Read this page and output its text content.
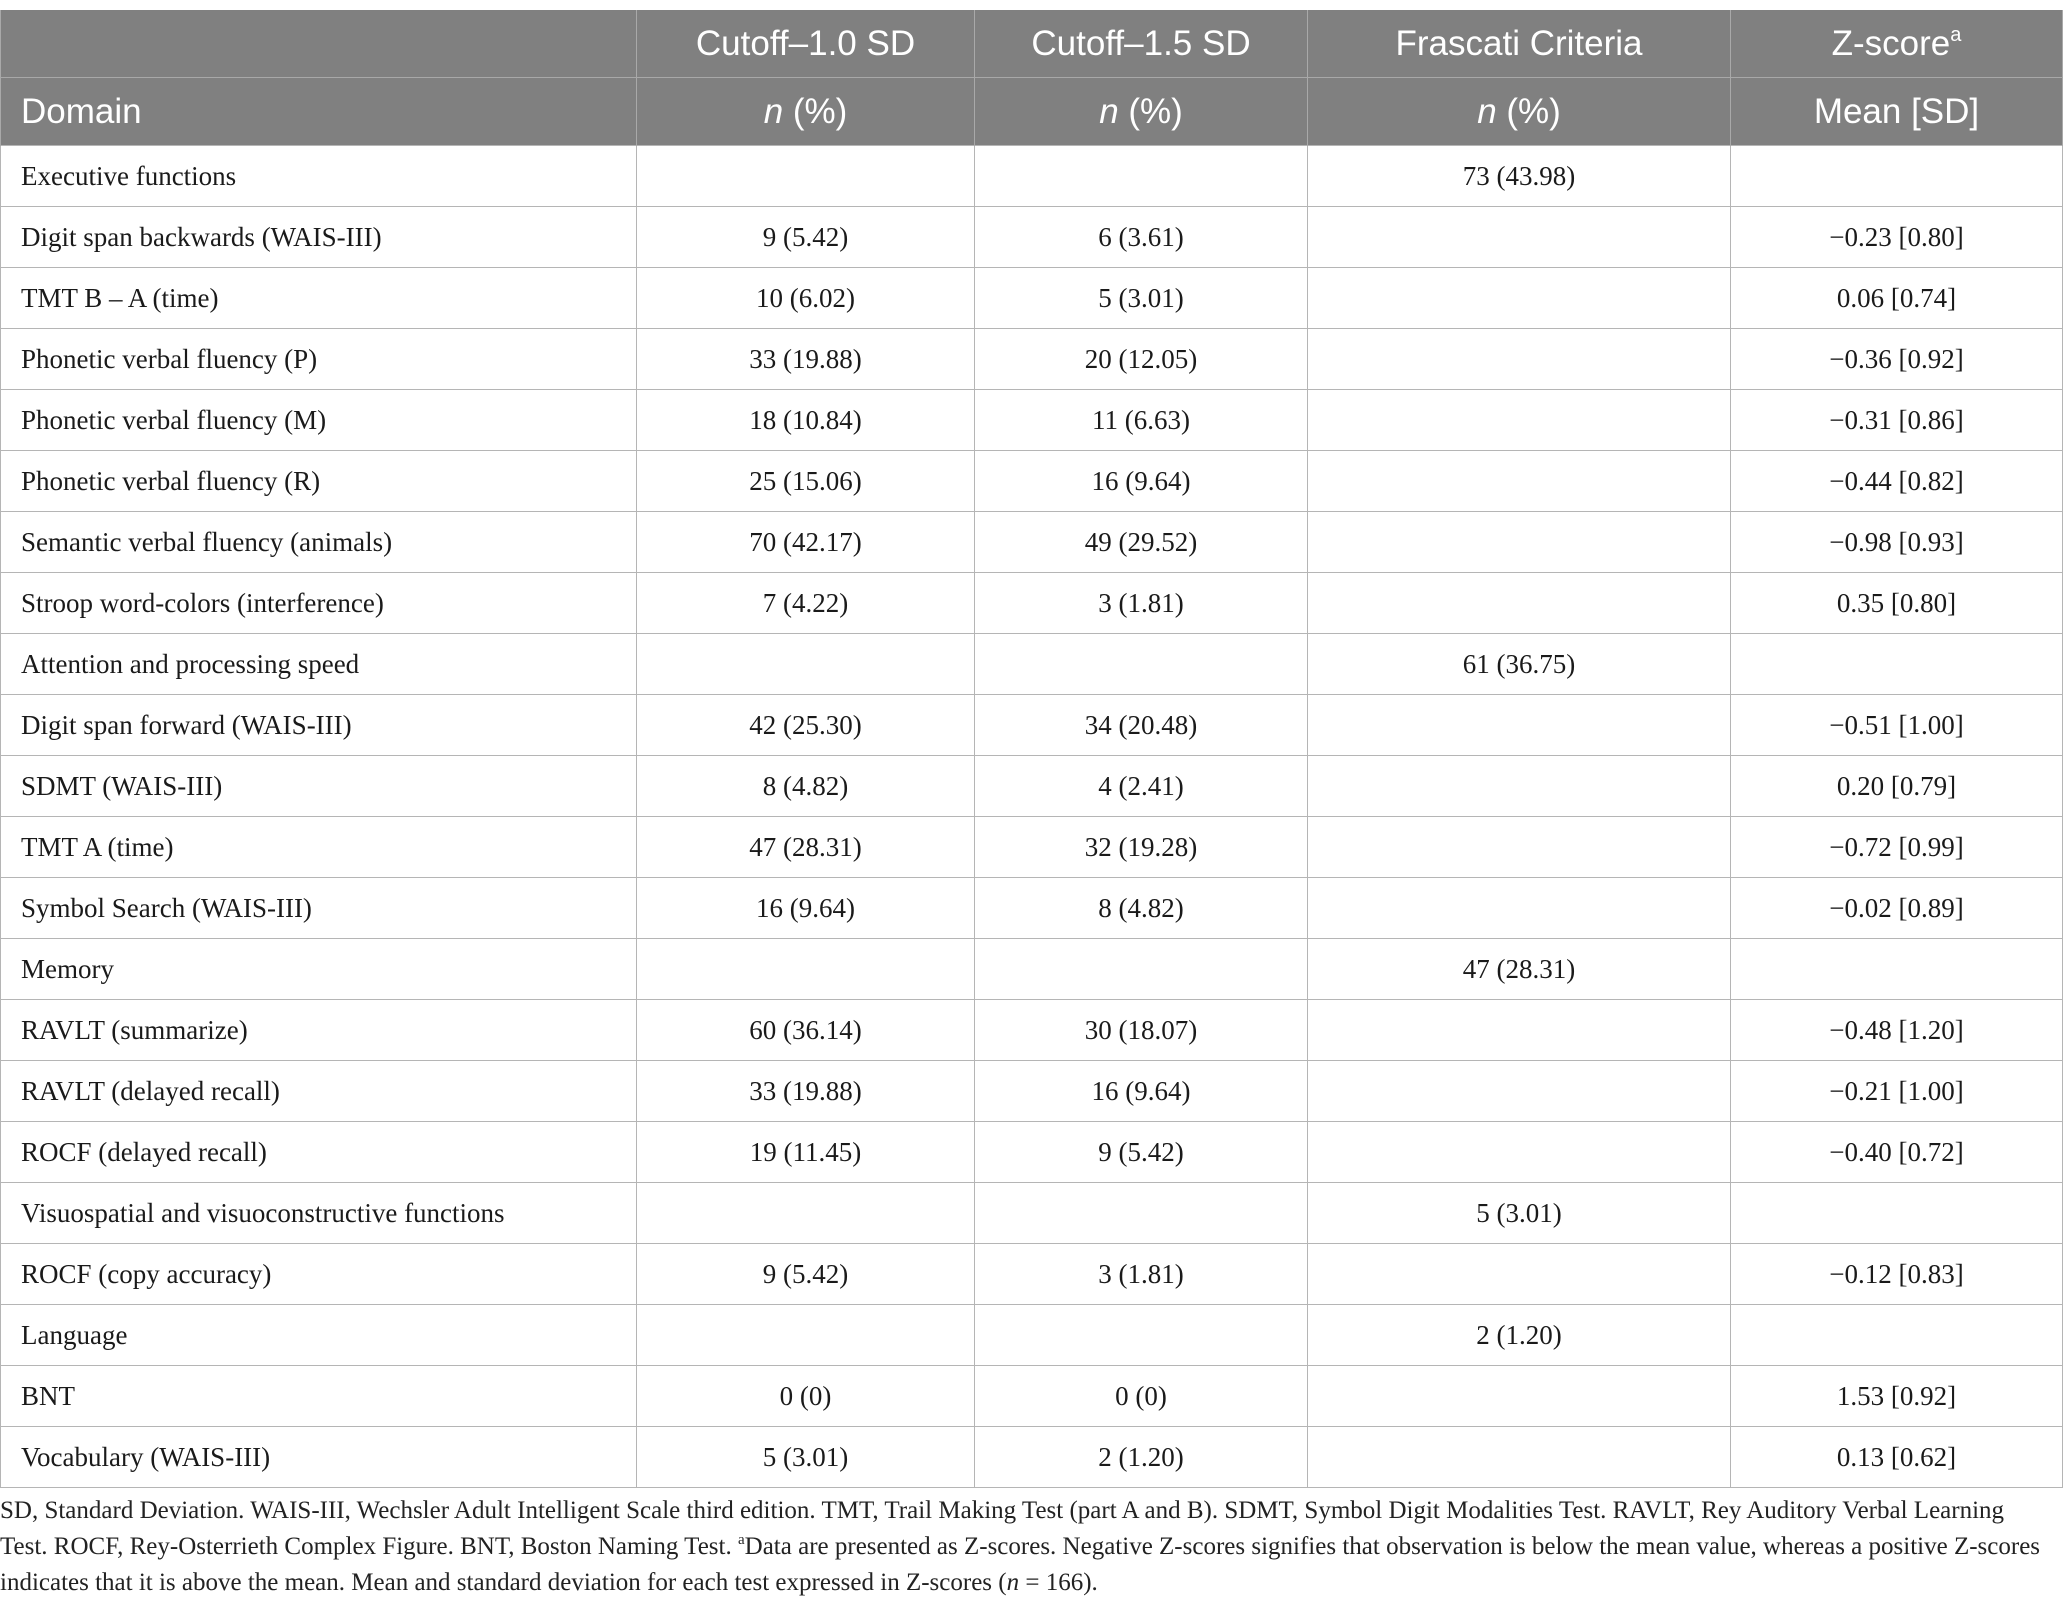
	Cutoff–1.0 SD	Cutoff–1.5 SD	Frascati Criteria	Z-score$^a$
Domain	n (%)	n (%)	n (%)	Mean [SD]
Executive functions			73 (43.98)	
Digit span backwards (WAIS-III)	9 (5.42)	6 (3.61)		−0.23 [0.80]
TMT B – A (time)	10 (6.02)	5 (3.01)		0.06 [0.74]
Phonetic verbal fluency (P)	33 (19.88)	20 (12.05)		−0.36 [0.92]
Phonetic verbal fluency (M)	18 (10.84)	11 (6.63)		−0.31 [0.86]
Phonetic verbal fluency (R)	25 (15.06)	16 (9.64)		−0.44 [0.82]
Semantic verbal fluency (animals)	70 (42.17)	49 (29.52)		−0.98 [0.93]
Stroop word-colors (interference)	7 (4.22)	3 (1.81)		0.35 [0.80]
Attention and processing speed			61 (36.75)	
Digit span forward (WAIS-III)	42 (25.30)	34 (20.48)		−0.51 [1.00]
SDMT (WAIS-III)	8 (4.82)	4 (2.41)		0.20 [0.79]
TMT A (time)	47 (28.31)	32 (19.28)		−0.72 [0.99]
Symbol Search (WAIS-III)	16 (9.64)	8 (4.82)		−0.02 [0.89]
Memory			47 (28.31)	
RAVLT (summarize)	60 (36.14)	30 (18.07)		−0.48 [1.20]
RAVLT (delayed recall)	33 (19.88)	16 (9.64)		−0.21 [1.00]
ROCF (delayed recall)	19 (11.45)	9 (5.42)		−0.40 [0.72]
Visuospatial and visuoconstructive functions			5 (3.01)	
ROCF (copy accuracy)	9 (5.42)	3 (1.81)		−0.12 [0.83]
Language			2 (1.20)	
BNT	0 (0)	0 (0)		1.53 [0.92]
Vocabulary (WAIS-III)	5 (3.01)	2 (1.20)		0.13 [0.62]
SD, Standard Deviation. WAIS-III, Wechsler Adult Intelligent Scale third edition. TMT, Trail Making Test (part A and B). SDMT, Symbol Digit Modalities Test. RAVLT, Rey Auditory Verbal Learning Test. ROCF, Rey-Osterrieth Complex Figure. BNT, Boston Naming Test. $^a$Data are presented as Z-scores. Negative Z-scores signifies that observation is below the mean value, whereas a positive Z-scores indicates that it is above the mean. Mean and standard deviation for each test expressed in Z-scores (n = 166).
